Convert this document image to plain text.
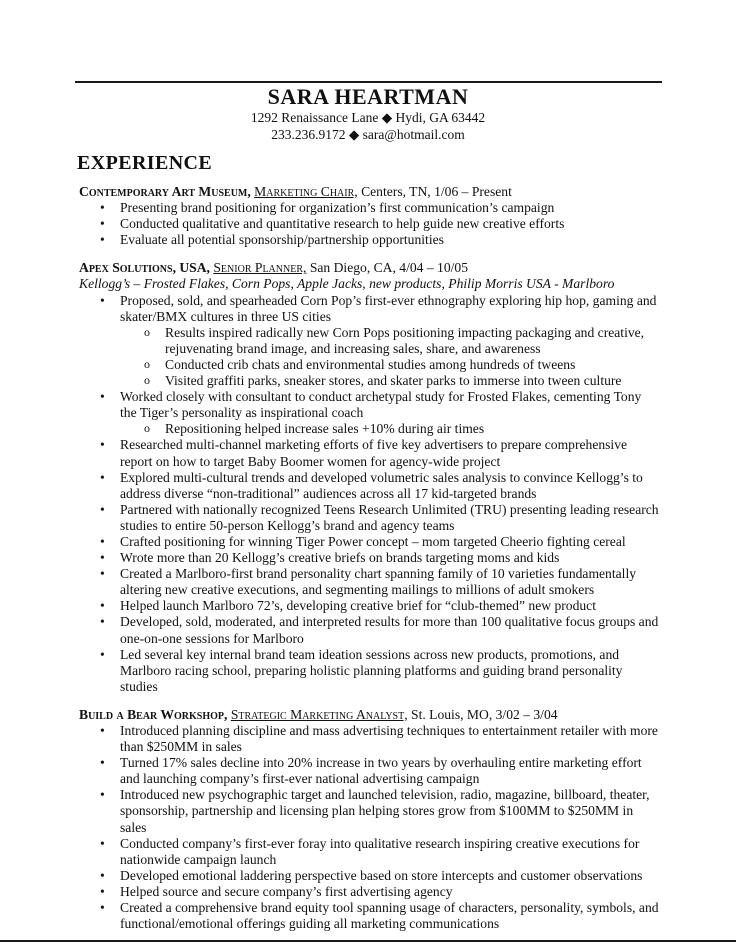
SARA HEARTMAN
1292 Renaissance Lane ◆ Hydi, GA 63442
233.236.9172 ◆ sara@hotmail.com
EXPERIENCE
Contemporary Art Museum, Marketing Chair, Centers, TN, 1/06 – Present
• Presenting brand positioning for organization’s first communication’s campaign
• Conducted qualitative and quantitative research to help guide new creative efforts
• Evaluate all potential sponsorship/partnership opportunities
Apex Solutions, USA, Senior Planner, San Diego, CA, 4/04 – 10/05
Kellogg’s – Frosted Flakes, Corn Pops, Apple Jacks, new products, Philip Morris USA - Marlboro
• Proposed, sold, and spearheaded Corn Pop’s first-ever ethnography exploring hip hop, gaming and skater/BMX cultures in three US cities
o Results inspired radically new Corn Pops positioning impacting packaging and creative, rejuvenating brand image, and increasing sales, share, and awareness
o Conducted crib chats and environmental studies among hundreds of tweens
o Visited graffiti parks, sneaker stores, and skater parks to immerse into tween culture
• Worked closely with consultant to conduct archetypal study for Frosted Flakes, cementing Tony the Tiger’s personality as inspirational coach
o Repositioning helped increase sales +10% during air times
• Researched multi-channel marketing efforts of five key advertisers to prepare comprehensive report on how to target Baby Boomer women for agency-wide project
• Explored multi-cultural trends and developed volumetric sales analysis to convince Kellogg’s to address diverse “non-traditional” audiences across all 17 kid-targeted brands
• Partnered with nationally recognized Teens Research Unlimited (TRU) presenting leading research studies to entire 50-person Kellogg’s brand and agency teams
• Crafted positioning for winning Tiger Power concept – mom targeted Cheerio fighting cereal
• Wrote more than 20 Kellogg’s creative briefs on brands targeting moms and kids
• Created a Marlboro-first brand personality chart spanning family of 10 varieties fundamentally altering new creative executions, and segmenting mailings to millions of adult smokers
• Helped launch Marlboro 72’s, developing creative brief for “club-themed” new product
• Developed, sold, moderated, and interpreted results for more than 100 qualitative focus groups and one-on-one sessions for Marlboro
• Led several key internal brand team ideation sessions across new products, promotions, and Marlboro racing school, preparing holistic planning platforms and guiding brand personality studies
Build a Bear Workshop, Strategic Marketing Analyst, St. Louis, MO, 3/02 – 3/04
• Introduced planning discipline and mass advertising techniques to entertainment retailer with more than $250MM in sales
• Turned 17% sales decline into 20% increase in two years by overhauling entire marketing effort and launching company’s first-ever national advertising campaign
• Introduced new psychographic target and launched television, radio, magazine, billboard, theater, sponsorship, partnership and licensing plan helping stores grow from $100MM to $250MM in sales
• Conducted company’s first-ever foray into qualitative research inspiring creative executions for nationwide campaign launch
• Developed emotional laddering perspective based on store intercepts and customer observations
• Helped source and secure company’s first advertising agency
• Created a comprehensive brand equity tool spanning usage of characters, personality, symbols, and functional/emotional offerings guiding all marketing communications
